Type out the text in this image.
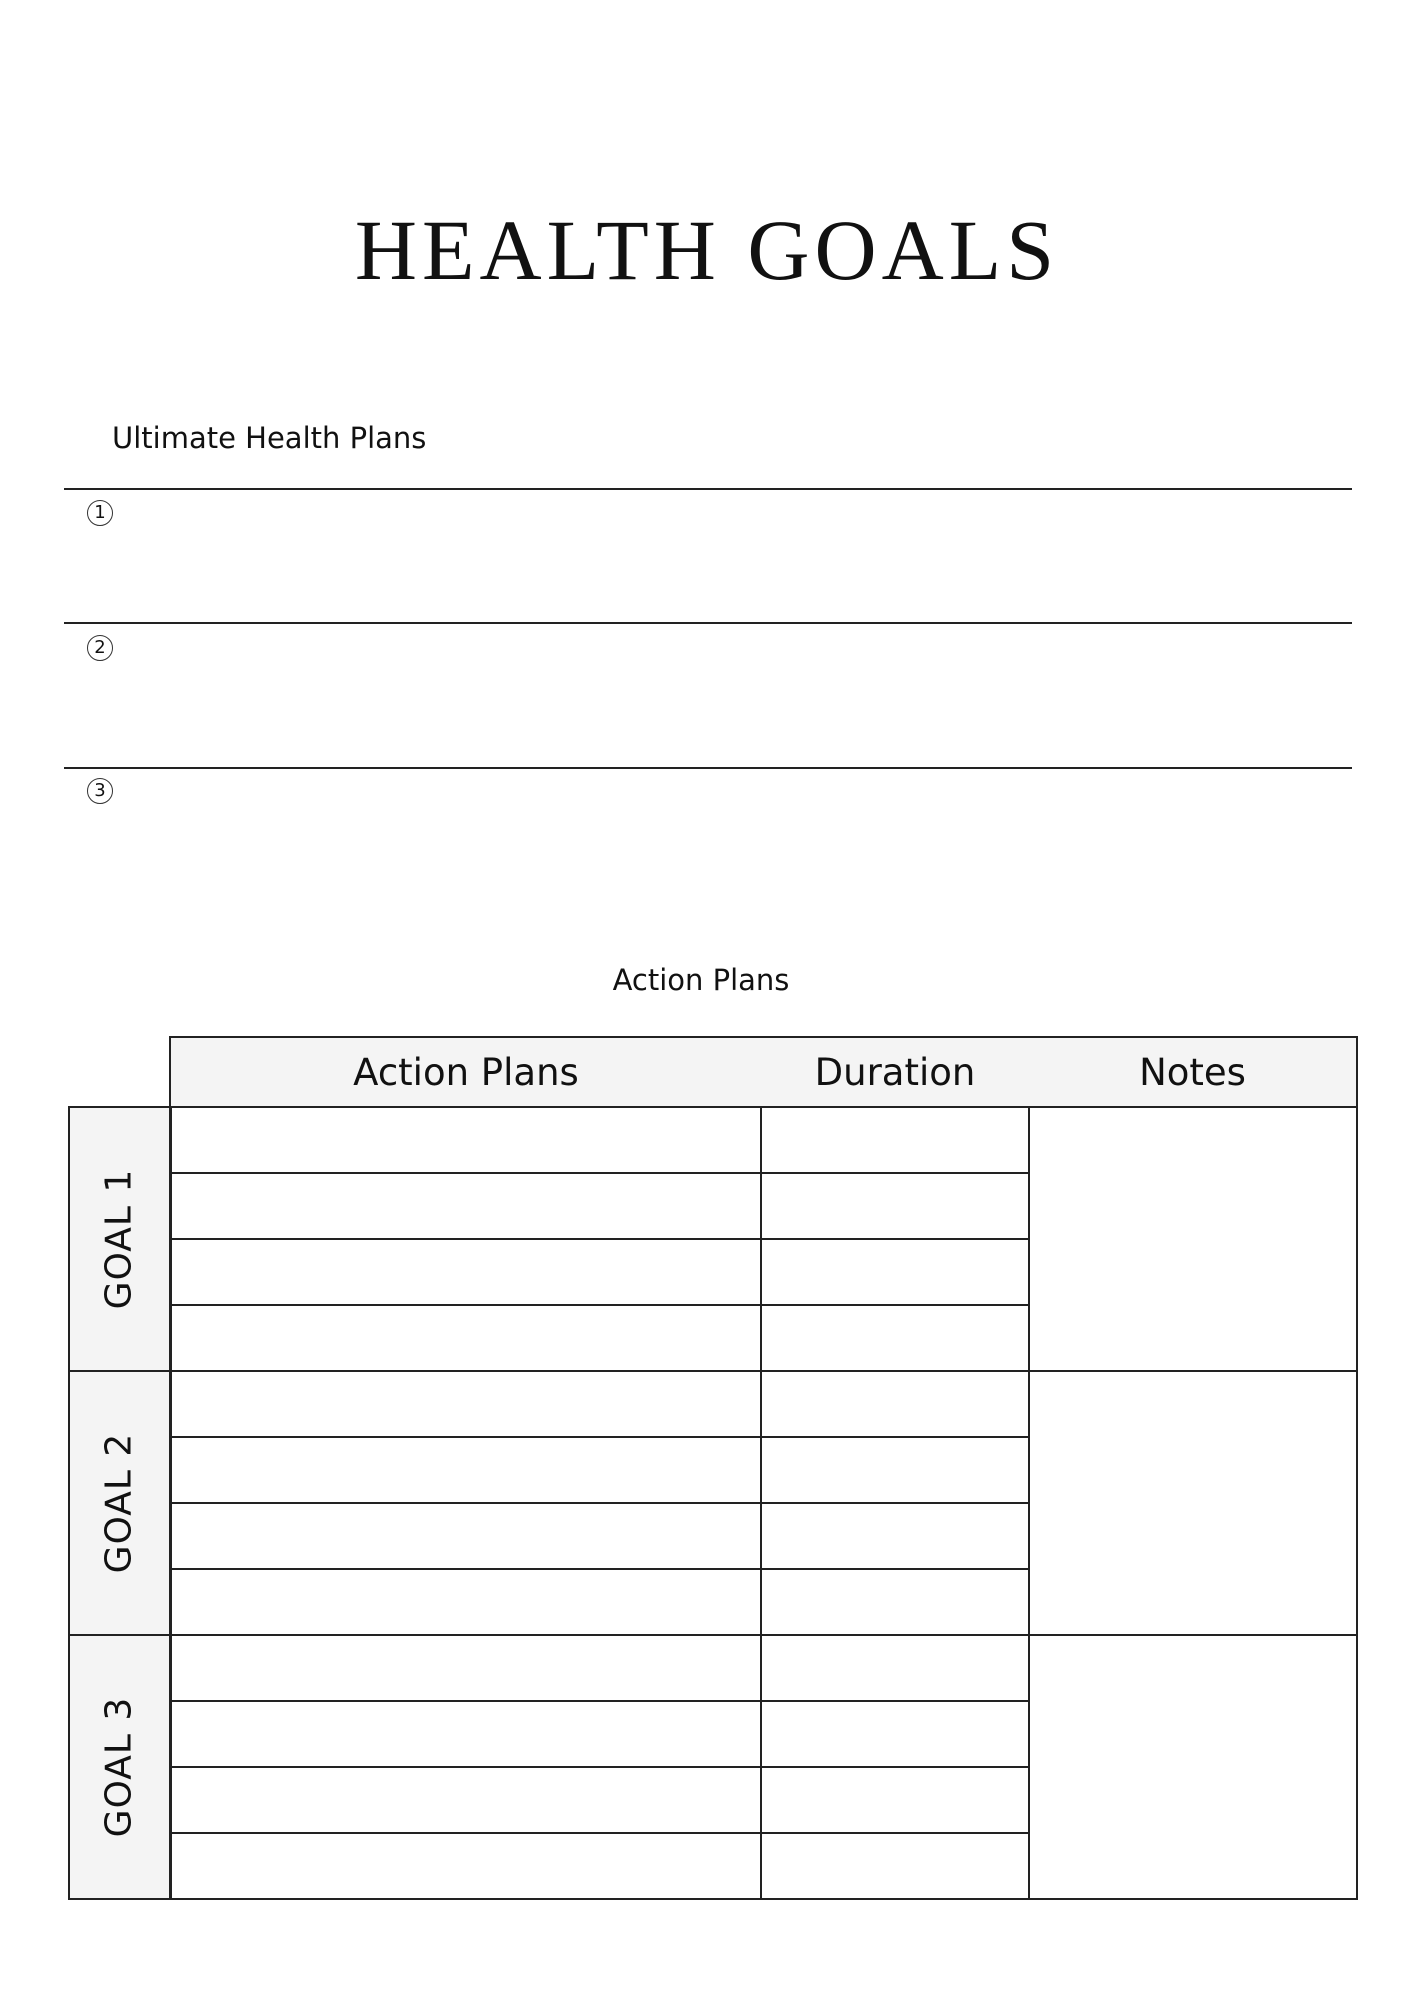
HEALTH GOALS
Ultimate Health Plans
1
2
3
Action Plans
	Action Plans	Duration	Notes

GOAL 1			

GOAL 2			

GOAL 3			
